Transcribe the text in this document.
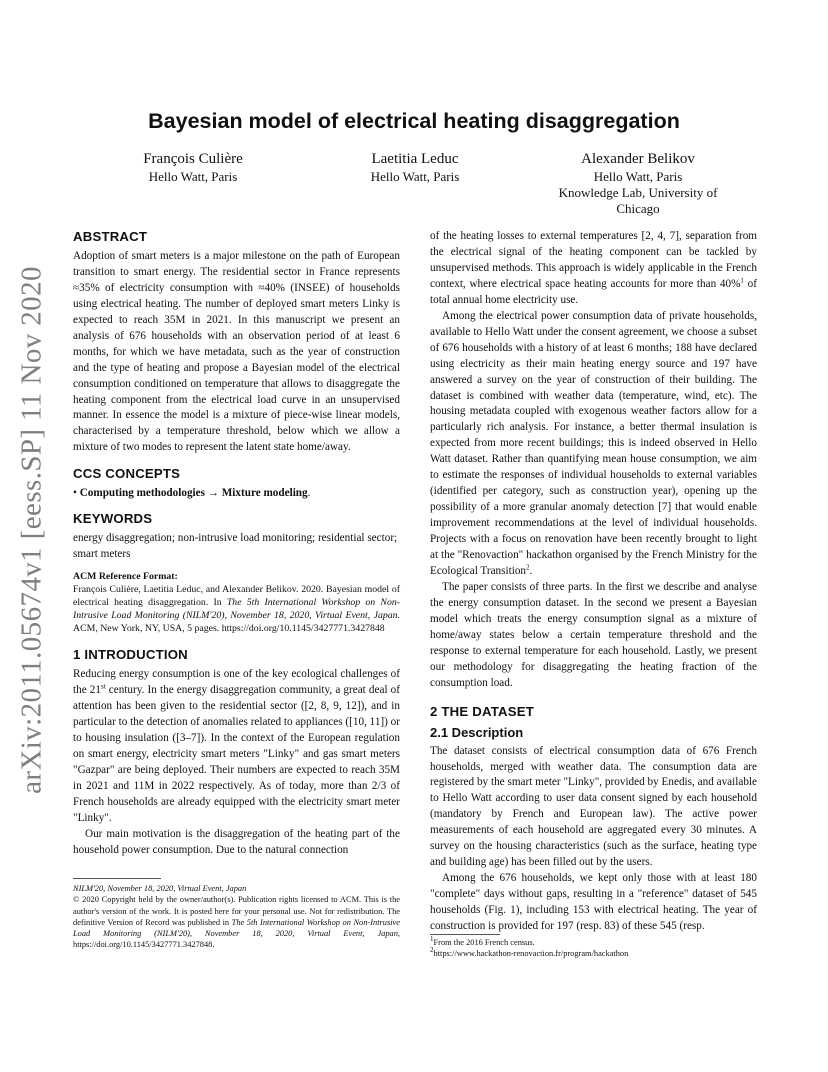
arXiv:2011.05674v1 [eess.SP] 11 Nov 2020
Bayesian model of electrical heating disaggregation
François Culière
Hello Watt, Paris
Laetitia Leduc
Hello Watt, Paris
Alexander Belikov
Hello Watt, Paris
Knowledge Lab, University of
Chicago
ABSTRACT

Adoption of smart meters is a major milestone on the path of European transition to smart energy. The residential sector in France represents ≈35% of electricity consumption with ≈40% (INSEE) of households using electrical heating. The number of deployed smart meters Linky is expected to reach 35M in 2021. In this manuscript we present an analysis of 676 households with an observation period of at least 6 months, for which we have metadata, such as the year of construction and the type of heating and propose a Bayesian model of the electrical consumption conditioned on temperature that allows to disaggregate the heating component from the electrical load curve in an unsupervised manner. In essence the model is a mixture of piece-wise linear models, characterised by a temperature threshold, below which we allow a mixture of two modes to represent the latent state home/away.

CCS CONCEPTS

• Computing methodologies → Mixture modeling.

KEYWORDS

energy disaggregation; non-intrusive load monitoring; residential sector; smart meters

ACM Reference Format:
François Culière, Laetitia Leduc, and Alexander Belikov. 2020. Bayesian model of electrical heating disaggregation. In The 5th International Workshop on Non-Intrusive Load Monitoring (NILM'20), November 18, 2020, Virtual Event, Japan. ACM, New York, NY, USA, 5 pages. https://doi.org/10.1145/3427771.3427848
1 INTRODUCTION

Reducing energy consumption is one of the key ecological challenges of the 21st century. In the energy disaggregation community, a great deal of attention has been given to the residential sector ([2, 8, 9, 12]), and in particular to the detection of anomalies related to appliances ([10, 11]) or to housing insulation ([3–7]). In the context of the European regulation on smart energy, electricity smart meters "Linky" and gas smart meters "Gazpar" are being deployed. Their numbers are expected to reach 35M in 2021 and 11M in 2022 respectively. As of today, more than 2/3 of French households are already equipped with the electricity smart meter "Linky".

Our main motivation is the disaggregation of the heating part of the household power consumption. Due to the natural connection

NILM'20, November 18, 2020, Virtual Event, Japan
© 2020 Copyright held by the owner/author(s). Publication rights licensed to ACM. This is the author's version of the work. It is posted here for your personal use. Not for redistribution. The definitive Version of Record was published in The 5th International Workshop on Non-Intrusive Load Monitoring (NILM'20), November 18, 2020, Virtual Event, Japan, https://doi.org/10.1145/3427771.3427848.

of the heating losses to external temperatures [2, 4, 7], separation from the electrical signal of the heating component can be tackled by unsupervised methods. This approach is widely applicable in the French context, where electrical space heating accounts for more than 40%$^1$ of total annual home electricity use.

Among the electrical power consumption data of private households, available to Hello Watt under the consent agreement, we choose a subset of 676 households with a history of at least 6 months; 188 have declared using electricity as their main heating energy source and 197 have answered a survey on the year of construction of their building. The dataset is combined with weather data (temperature, wind, etc). The housing metadata coupled with exogenous weather factors allow for a particularly rich analysis. For instance, a better thermal insulation is expected from more recent buildings; this is indeed observed in Hello Watt dataset. Rather than quantifying mean house consumption, we aim to estimate the responses of individual households to external variables (identified per category, such as construction year), opening up the possibility of a more granular anomaly detection [7] that would enable improvement recommendations at the level of individual households. Projects with a focus on renovation have been recently brought to light at the "Renovaction" hackathon organised by the French Ministry for the Ecological Transition$^2$.

The paper consists of three parts. In the first we describe and analyse the energy consumption dataset. In the second we present a Bayesian model which treats the energy consumption signal as a mixture of home/away states below a certain temperature threshold and the response to external temperature for each household. Lastly, we present our methodology for disaggregating the heating fraction of the consumption load.

2 THE DATASET
2.1 Description

The dataset consists of electrical consumption data of 676 French households, merged with weather data. The consumption data are registered by the smart meter "Linky", provided by Enedis, and available to Hello Watt according to user data consent signed by each household (mandatory by French and European law). The active power measurements of each household are aggregated every 30 minutes. A survey on the housing characteristics (such as the surface, heating type and building age) has been filled out by the users.

Among the 676 households, we kept only those with at least 180 "complete" days without gaps, resulting in a "reference" dataset of 545 households (Fig. 1), including 153 with electrical heating. The year of construction is provided for 197 (resp. 83) of these 545 (resp.

$^1$From the 2016 French census.
$^2$https://www.hackathon-renovaction.fr/program/hackathon
